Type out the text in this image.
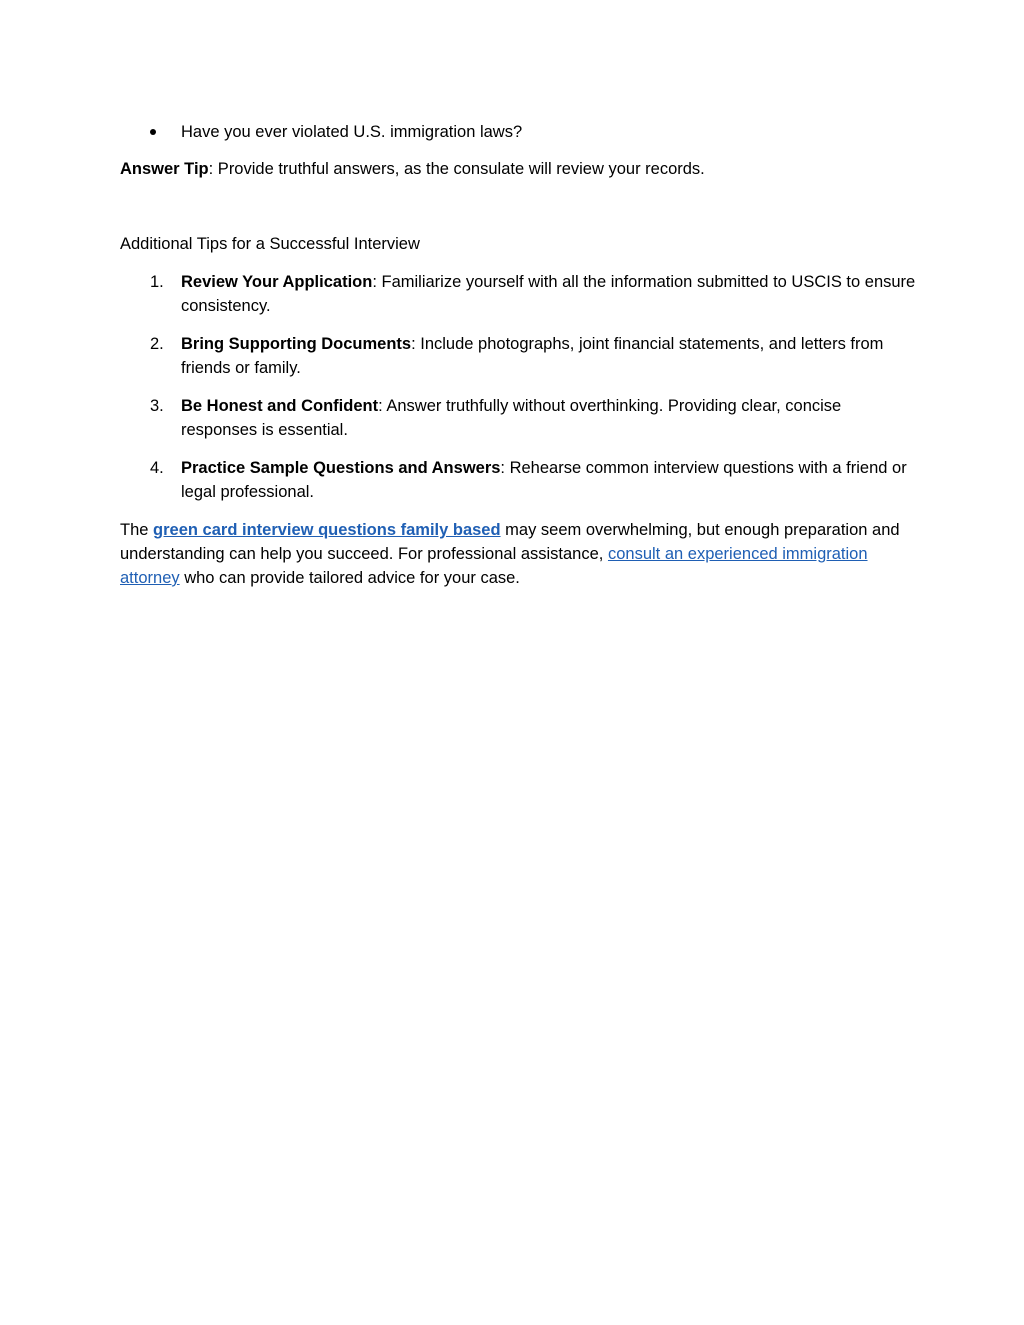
Have you ever violated U.S. immigration laws?
Answer Tip: Provide truthful answers, as the consulate will review your records.
Additional Tips for a Successful Interview
1. Review Your Application: Familiarize yourself with all the information submitted to USCIS to ensure consistency.
2. Bring Supporting Documents: Include photographs, joint financial statements, and letters from friends or family.
3. Be Honest and Confident: Answer truthfully without overthinking. Providing clear, concise responses is essential.
4. Practice Sample Questions and Answers: Rehearse common interview questions with a friend or legal professional.
The green card interview questions family based may seem overwhelming, but enough preparation and understanding can help you succeed. For professional assistance, consult an experienced immigration attorney who can provide tailored advice for your case.
